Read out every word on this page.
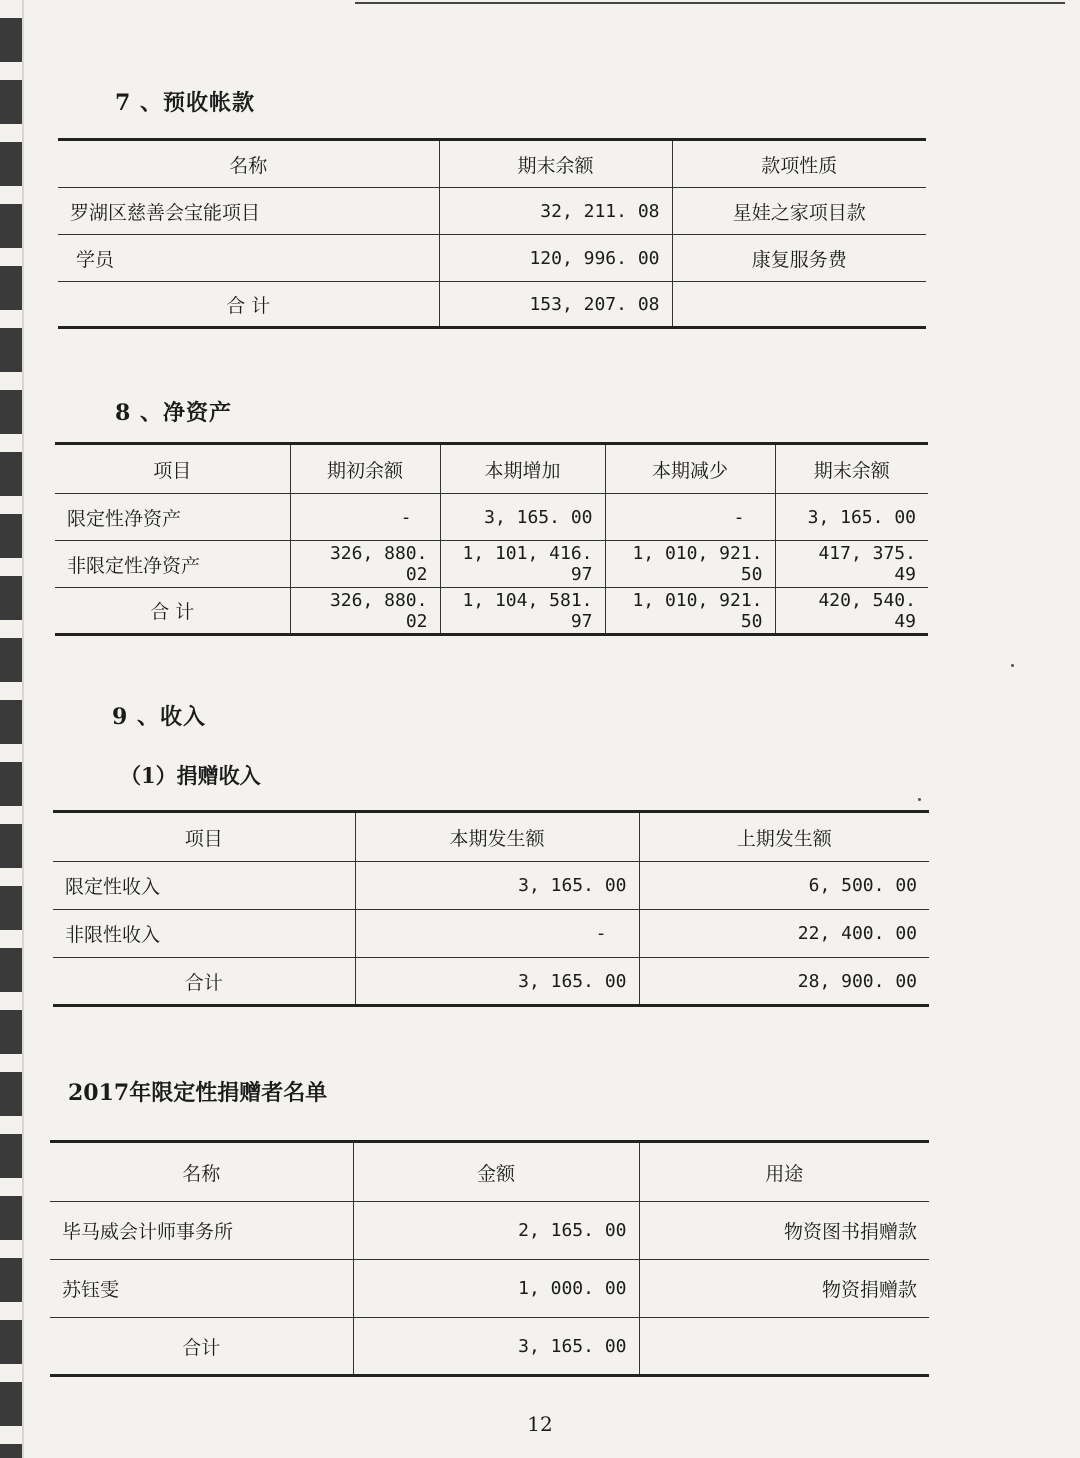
7 、预收帐款
名称	期末余额	款项性质
罗湖区慈善会宝能项目	32, 211. 08	星娃之家项目款
学员	120, 996. 00	康复服务费
合 计	153, 207. 08	
8 、净资产
项目	期初余额	本期增加	本期减少	期末余额
限定性净资产	-	3, 165. 00	-	3, 165. 00
非限定性净资产	326, 880. 02	1, 101, 416. 97	1, 010, 921. 50	417, 375. 49
合 计	326, 880. 02	1, 104, 581. 97	1, 010, 921. 50	420, 540. 49
9 、收入
（1）捐赠收入
项目	本期发生额	上期发生额
限定性收入	3, 165. 00	6, 500. 00
非限性收入	-	22, 400. 00
合计	3, 165. 00	28, 900. 00
2017年限定性捐赠者名单
名称	金额	用途
毕马威会计师事务所	2, 165. 00	物资图书捐赠款
苏钰雯	1, 000. 00	物资捐赠款
合计	3, 165. 00	
12
